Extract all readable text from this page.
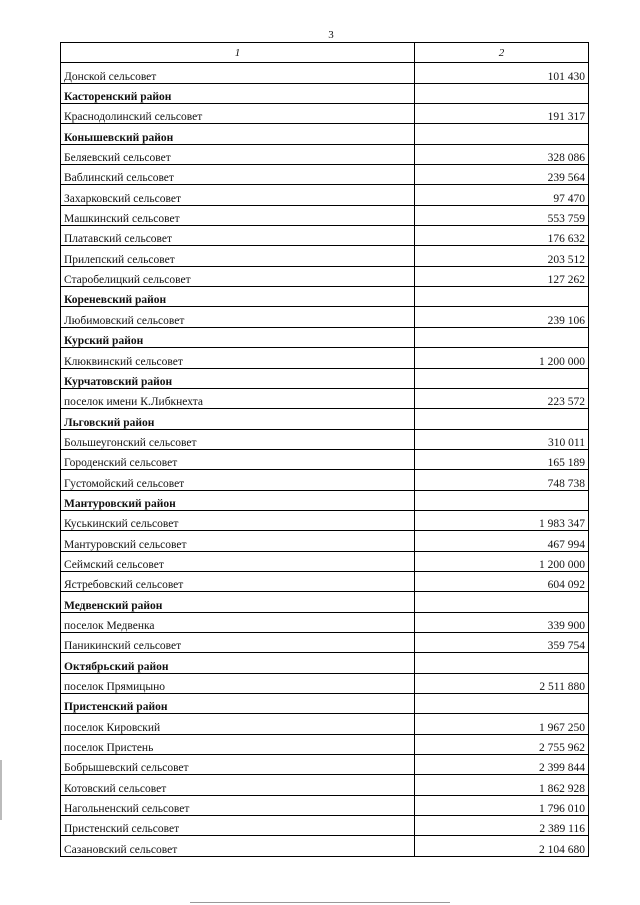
3
1	2
Донской сельсовет	101 430
Касторенский район	
Краснодолинский сельсовет	191 317
Конышевский район	
Беляевский сельсовет	328 086
Ваблинский сельсовет	239 564
Захарковский сельсовет	97 470
Машкинский сельсовет	553 759
Платавский сельсовет	176 632
Прилепский сельсовет	203 512
Старобелицкий сельсовет	127 262
Кореневский район	
Любимовский сельсовет	239 106
Курский район	
Клюквинский сельсовет	1 200 000
Курчатовский район	
поселок имени К.Либкнехта	223 572
Льговский район	
Большеугонский сельсовет	310 011
Городенский сельсовет	165 189
Густомойский сельсовет	748 738
Мантуровский район	
Куськинский сельсовет	1 983 347
Мантуровский сельсовет	467 994
Сеймский сельсовет	1 200 000
Ястребовский сельсовет	604 092
Медвенский район	
поселок Медвенка	339 900
Паникинский сельсовет	359 754
Октябрьский район	
поселок Прямицыно	2 511 880
Пристенский район	
поселок Кировский	1 967 250
поселок Пристень	2 755 962
Бобрышевский сельсовет	2 399 844
Котовский сельсовет	1 862 928
Нагольненский сельсовет	1 796 010
Пристенский сельсовет	2 389 116
Сазановский сельсовет	2 104 680
